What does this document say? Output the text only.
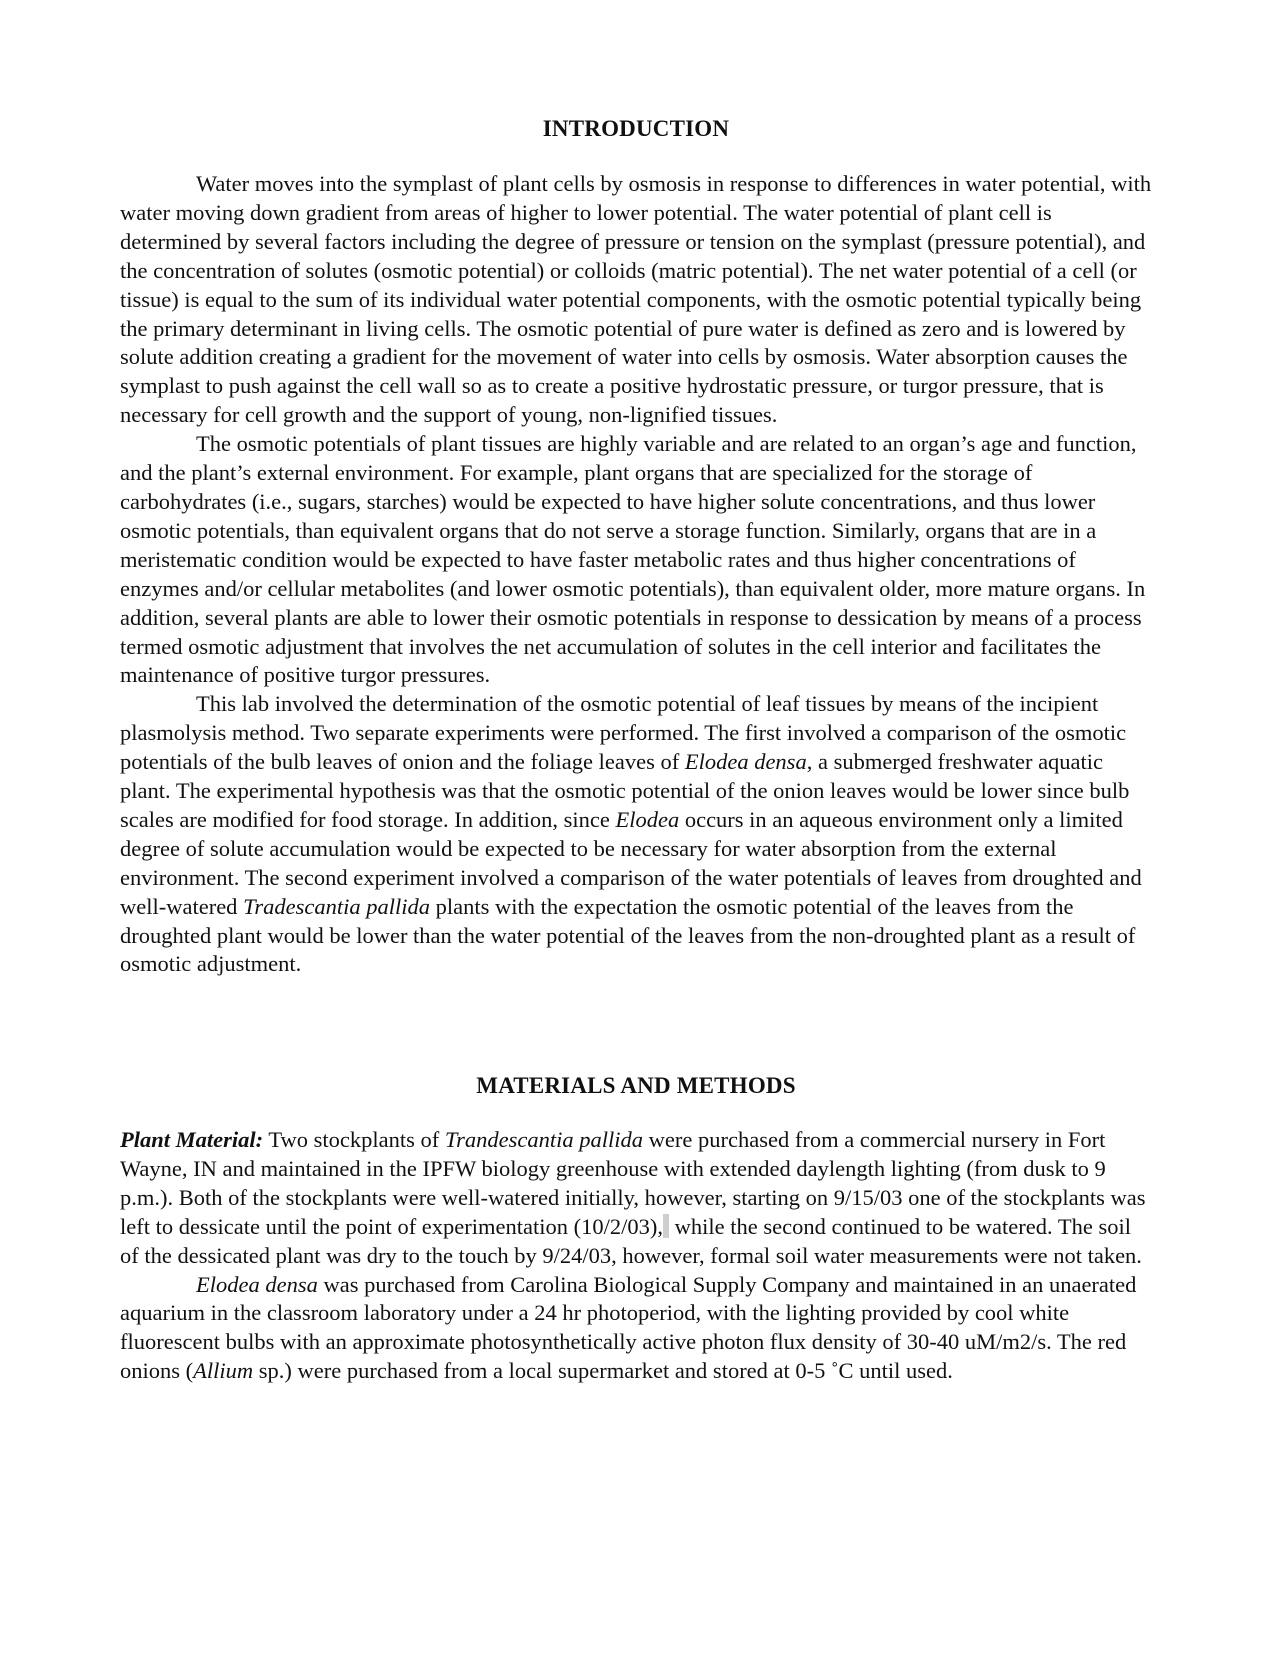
INTRODUCTION

Water moves into the symplast of plant cells by osmosis in response to differences in water potential, with water moving down gradient from areas of higher to lower potential. The water potential of plant cell is determined by several factors including the degree of pressure or tension on the symplast (pressure potential), and the concentration of solutes (osmotic potential) or colloids (matric potential). The net water potential of a cell (or tissue) is equal to the sum of its individual water potential components, with the osmotic potential typically being the primary determinant in living cells. The osmotic potential of pure water is defined as zero and is lowered by solute addition creating a gradient for the movement of water into cells by osmosis. Water absorption causes the symplast to push against the cell wall so as to create a positive hydrostatic pressure, or turgor pressure, that is necessary for cell growth and the support of young, non-lignified tissues.

The osmotic potentials of plant tissues are highly variable and are related to an organ’s age and function, and the plant’s external environment. For example, plant organs that are specialized for the storage of carbohydrates (i.e., sugars, starches) would be expected to have higher solute concentrations, and thus lower osmotic potentials, than equivalent organs that do not serve a storage function. Similarly, organs that are in a meristematic condition would be expected to have faster metabolic rates and thus higher concentrations of enzymes and/or cellular metabolites (and lower osmotic potentials), than equivalent older, more mature organs. In addition, several plants are able to lower their osmotic potentials in response to dessication by means of a process termed osmotic adjustment that involves the net accumulation of solutes in the cell interior and facilitates the maintenance of positive turgor pressures.

This lab involved the determination of the osmotic potential of leaf tissues by means of the incipient plasmolysis method. Two separate experiments were performed. The first involved a comparison of the osmotic potentials of the bulb leaves of onion and the foliage leaves of Elodea densa, a submerged freshwater aquatic plant. The experimental hypothesis was that the osmotic potential of the onion leaves would be lower since bulb scales are modified for food storage. In addition, since Elodea occurs in an aqueous environment only a limited degree of solute accumulation would be expected to be necessary for water absorption from the external environment. The second experiment involved a comparison of the water potentials of leaves from droughted and well-watered Tradescantia pallida plants with the expectation the osmotic potential of the leaves from the droughted plant would be lower than the water potential of the leaves from the non-droughted plant as a result of osmotic adjustment.

MATERIALS AND METHODS

Plant Material: Two stockplants of Trandescantia pallida were purchased from a commercial nursery in Fort Wayne, IN and maintained in the IPFW biology greenhouse with extended daylength lighting (from dusk to 9 p.m.). Both of the stockplants were well-watered initially, however, starting on 9/15/03 one of the stockplants was left to dessicate until the point of experimentation (10/2/03), while the second continued to be watered. The soil of the dessicated plant was dry to the touch by 9/24/03, however, formal soil water measurements were not taken.

Elodea densa was purchased from Carolina Biological Supply Company and maintained in an unaerated aquarium in the classroom laboratory under a 24 hr photoperiod, with the lighting provided by cool white fluorescent bulbs with an approximate photosynthetically active photon flux density of 30-40 uM/m2/s. The red onions (Allium sp.) were purchased from a local supermarket and stored at 0-5 ˚C until used.
